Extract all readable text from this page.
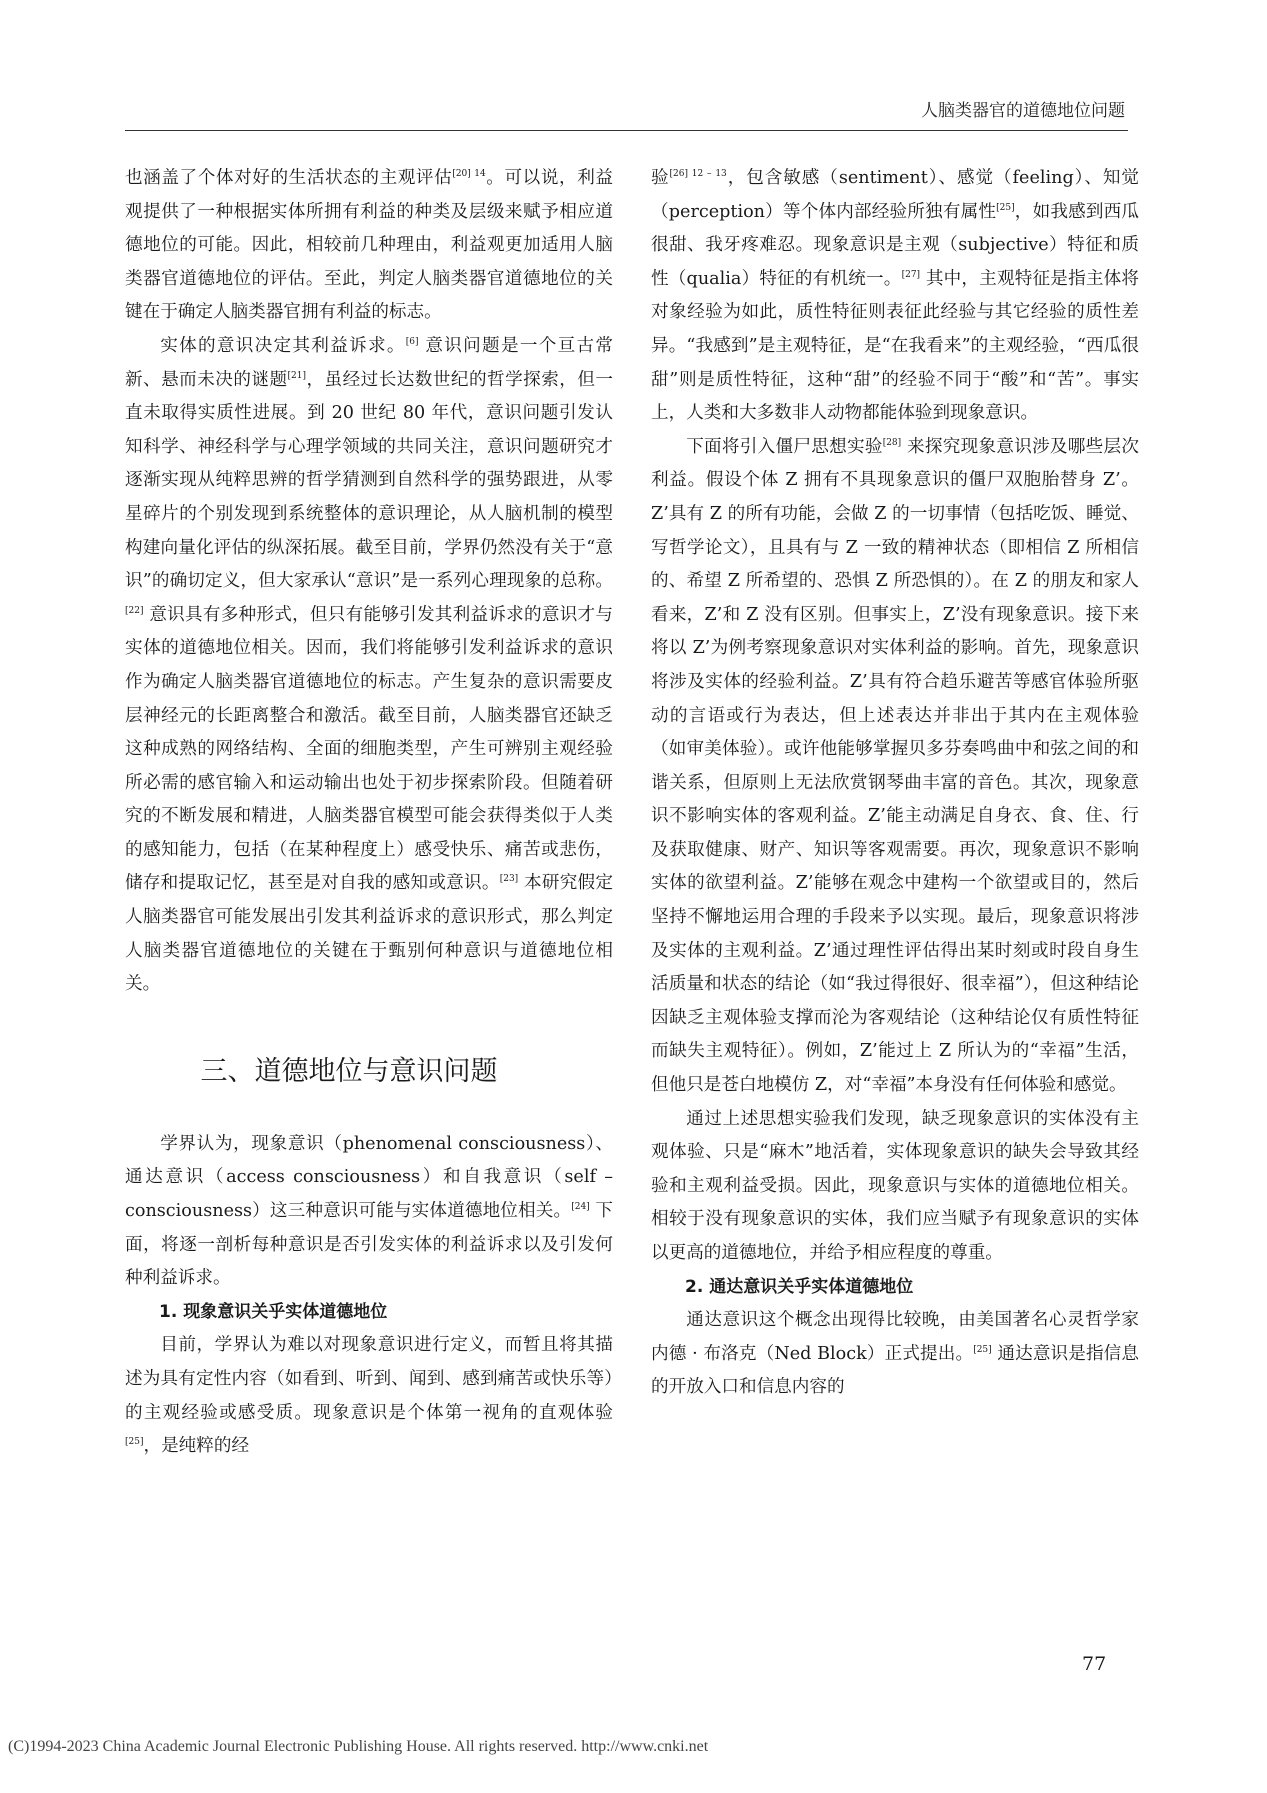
人脑类器官的道德地位问题

也涵盖了个体对好的生活状态的主观评估$^{[20] 14}$。可以说，利益观提供了一种根据实体所拥有利益的种类及层级来赋予相应道德地位的可能。因此，相较前几种理由，利益观更加适用人脑类器官道德地位的评估。至此，判定人脑类器官道德地位的关键在于确定人脑类器官拥有利益的标志。

实体的意识决定其利益诉求。[6] 意识问题是一个亘古常新、悬而未决的谜题[21]，虽经过长达数世纪的哲学探索，但一直未取得实质性进展。到 20 世纪 80 年代，意识问题引发认知科学、神经科学与心理学领域的共同关注，意识问题研究才逐渐实现从纯粹思辨的哲学猜测到自然科学的强势跟进，从零星碎片的个别发现到系统整体的意识理论，从人脑机制的模型构建向量化评估的纵深拓展。截至目前，学界仍然没有关于“意识”的确切定义，但大家承认“意识”是一系列心理现象的总称。[22] 意识具有多种形式，但只有能够引发其利益诉求的意识才与实体的道德地位相关。因而，我们将能够引发利益诉求的意识作为确定人脑类器官道德地位的标志。产生复杂的意识需要皮层神经元的长距离整合和激活。截至目前，人脑类器官还缺乏这种成熟的网络结构、全面的细胞类型，产生可辨别主观经验所必需的感官输入和运动输出也处于初步探索阶段。但随着研究的不断发展和精进，人脑类器官模型可能会获得类似于人类的感知能力，包括（在某种程度上）感受快乐、痛苦或悲伤，储存和提取记忆，甚至是对自我的感知或意识。[23] 本研究假定人脑类器官可能发展出引发其利益诉求的意识形式，那么判定人脑类器官道德地位的关键在于甄别何种意识与道德地位相关。

三、道德地位与意识问题

学界认为，现象意识（phenomenal consciousness）、通达意识（access consciousness）和自我意识（self – consciousness）这三种意识可能与实体道德地位相关。[24] 下面，将逐一剖析每种意识是否引发实体的利益诉求以及引发何种利益诉求。

1. 现象意识关乎实体道德地位

目前，学界认为难以对现象意识进行定义，而暂且将其描述为具有定性内容（如看到、听到、闻到、感到痛苦或快乐等）的主观经验或感受质。现象意识是个体第一视角的直观体验[25]，是纯粹的经

验$^{[26] 12 - 13}$，包含敏感（sentiment）、感觉（feeling）、知觉（perception）等个体内部经验所独有属性[25]，如我感到西瓜很甜、我牙疼难忍。现象意识是主观（subjective）特征和质性（qualia）特征的有机统一。[27] 其中，主观特征是指主体将对象经验为如此，质性特征则表征此经验与其它经验的质性差异。“我感到”是主观特征，是“在我看来”的主观经验，“西瓜很甜”则是质性特征，这种“甜”的经验不同于“酸”和“苦”。事实上，人类和大多数非人动物都能体验到现象意识。

下面将引入僵尸思想实验[28] 来探究现象意识涉及哪些层次利益。假设个体 Z 拥有不具现象意识的僵尸双胞胎替身 Z’。Z’具有 Z 的所有功能，会做 Z 的一切事情（包括吃饭、睡觉、写哲学论文），且具有与 Z 一致的精神状态（即相信 Z 所相信的、希望 Z 所希望的、恐惧 Z 所恐惧的）。在 Z 的朋友和家人看来，Z’和 Z 没有区别。但事实上，Z’没有现象意识。接下来将以 Z’为例考察现象意识对实体利益的影响。首先，现象意识将涉及实体的经验利益。Z’具有符合趋乐避苦等感官体验所驱动的言语或行为表达，但上述表达并非出于其内在主观体验（如审美体验）。或许他能够掌握贝多芬奏鸣曲中和弦之间的和谐关系，但原则上无法欣赏钢琴曲丰富的音色。其次，现象意识不影响实体的客观利益。Z’能主动满足自身衣、食、住、行及获取健康、财产、知识等客观需要。再次，现象意识不影响实体的欲望利益。Z’能够在观念中建构一个欲望或目的，然后坚持不懈地运用合理的手段来予以实现。最后，现象意识将涉及实体的主观利益。Z’通过理性评估得出某时刻或时段自身生活质量和状态的结论（如“我过得很好、很幸福”），但这种结论因缺乏主观体验支撑而沦为客观结论（这种结论仅有质性特征而缺失主观特征）。例如，Z’能过上 Z 所认为的“幸福”生活，但他只是苍白地模仿 Z，对“幸福”本身没有任何体验和感觉。

通过上述思想实验我们发现，缺乏现象意识的实体没有主观体验、只是“麻木”地活着，实体现象意识的缺失会导致其经验和主观利益受损。因此，现象意识与实体的道德地位相关。相较于没有现象意识的实体，我们应当赋予有现象意识的实体以更高的道德地位，并给予相应程度的尊重。

2. 通达意识关乎实体道德地位

通达意识这个概念出现得比较晚，由美国著名心灵哲学家内德 · 布洛克（Ned Block）正式提出。[25] 通达意识是指信息的开放入口和信息内容的

77
(C)1994-2023 China Academic Journal Electronic Publishing House. All rights reserved. http://www.cnki.net
